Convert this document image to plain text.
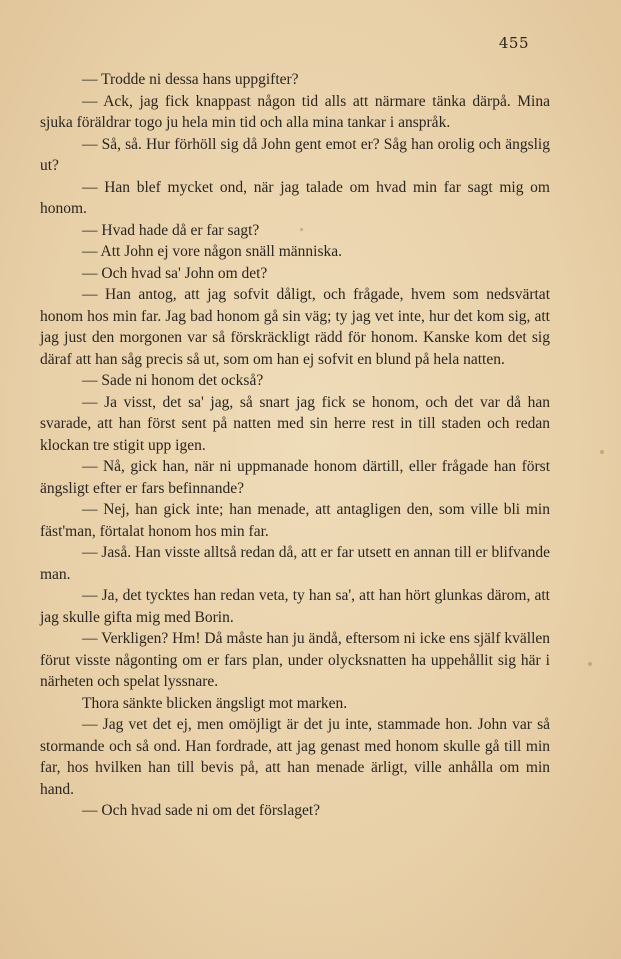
455

— Trodde ni dessa hans uppgifter?

— Ack, jag fick knappast någon tid alls att närmare tänka därpå. Mina sjuka föräldrar togo ju hela min tid och alla mina tankar i anspråk.

— Så, så. Hur förhöll sig då John gent emot er? Såg han orolig och ängslig ut?

— Han blef mycket ond, när jag talade om hvad min far sagt mig om honom.

— Hvad hade då er far sagt?

— Att John ej vore någon snäll människa.

— Och hvad sa' John om det?

— Han antog, att jag sofvit dåligt, och frågade, hvem som nedsvärtat honom hos min far. Jag bad honom gå sin väg; ty jag vet inte, hur det kom sig, att jag just den morgonen var så förskräckligt rädd för honom. Kanske kom det sig däraf att han såg precis så ut, som om han ej sofvit en blund på hela natten.

— Sade ni honom det också?

— Ja visst, det sa' jag, så snart jag fick se honom, och det var då han svarade, att han först sent på natten med sin herre rest in till staden och redan klockan tre stigit upp igen.

— Nå, gick han, när ni uppmanade honom därtill, eller frågade han först ängsligt efter er fars befinnande?

— Nej, han gick inte; han menade, att antagligen den, som ville bli min fäst'man, förtalat honom hos min far.

— Jaså. Han visste alltså redan då, att er far utsett en annan till er blifvande man.

— Ja, det tycktes han redan veta, ty han sa', att han hört glunkas därom, att jag skulle gifta mig med Borin.

— Verkligen? Hm! Då måste han ju ändå, eftersom ni icke ens själf kvällen förut visste någonting om er fars plan, under olycksnatten ha uppehållit sig här i närheten och spelat lyssnare.

Thora sänkte blicken ängsligt mot marken.

— Jag vet det ej, men omöjligt är det ju inte, stammade hon. John var så stormande och så ond. Han fordrade, att jag genast med honom skulle gå till min far, hos hvilken han till bevis på, att han menade ärligt, ville anhålla om min hand.

— Och hvad sade ni om det förslaget?
